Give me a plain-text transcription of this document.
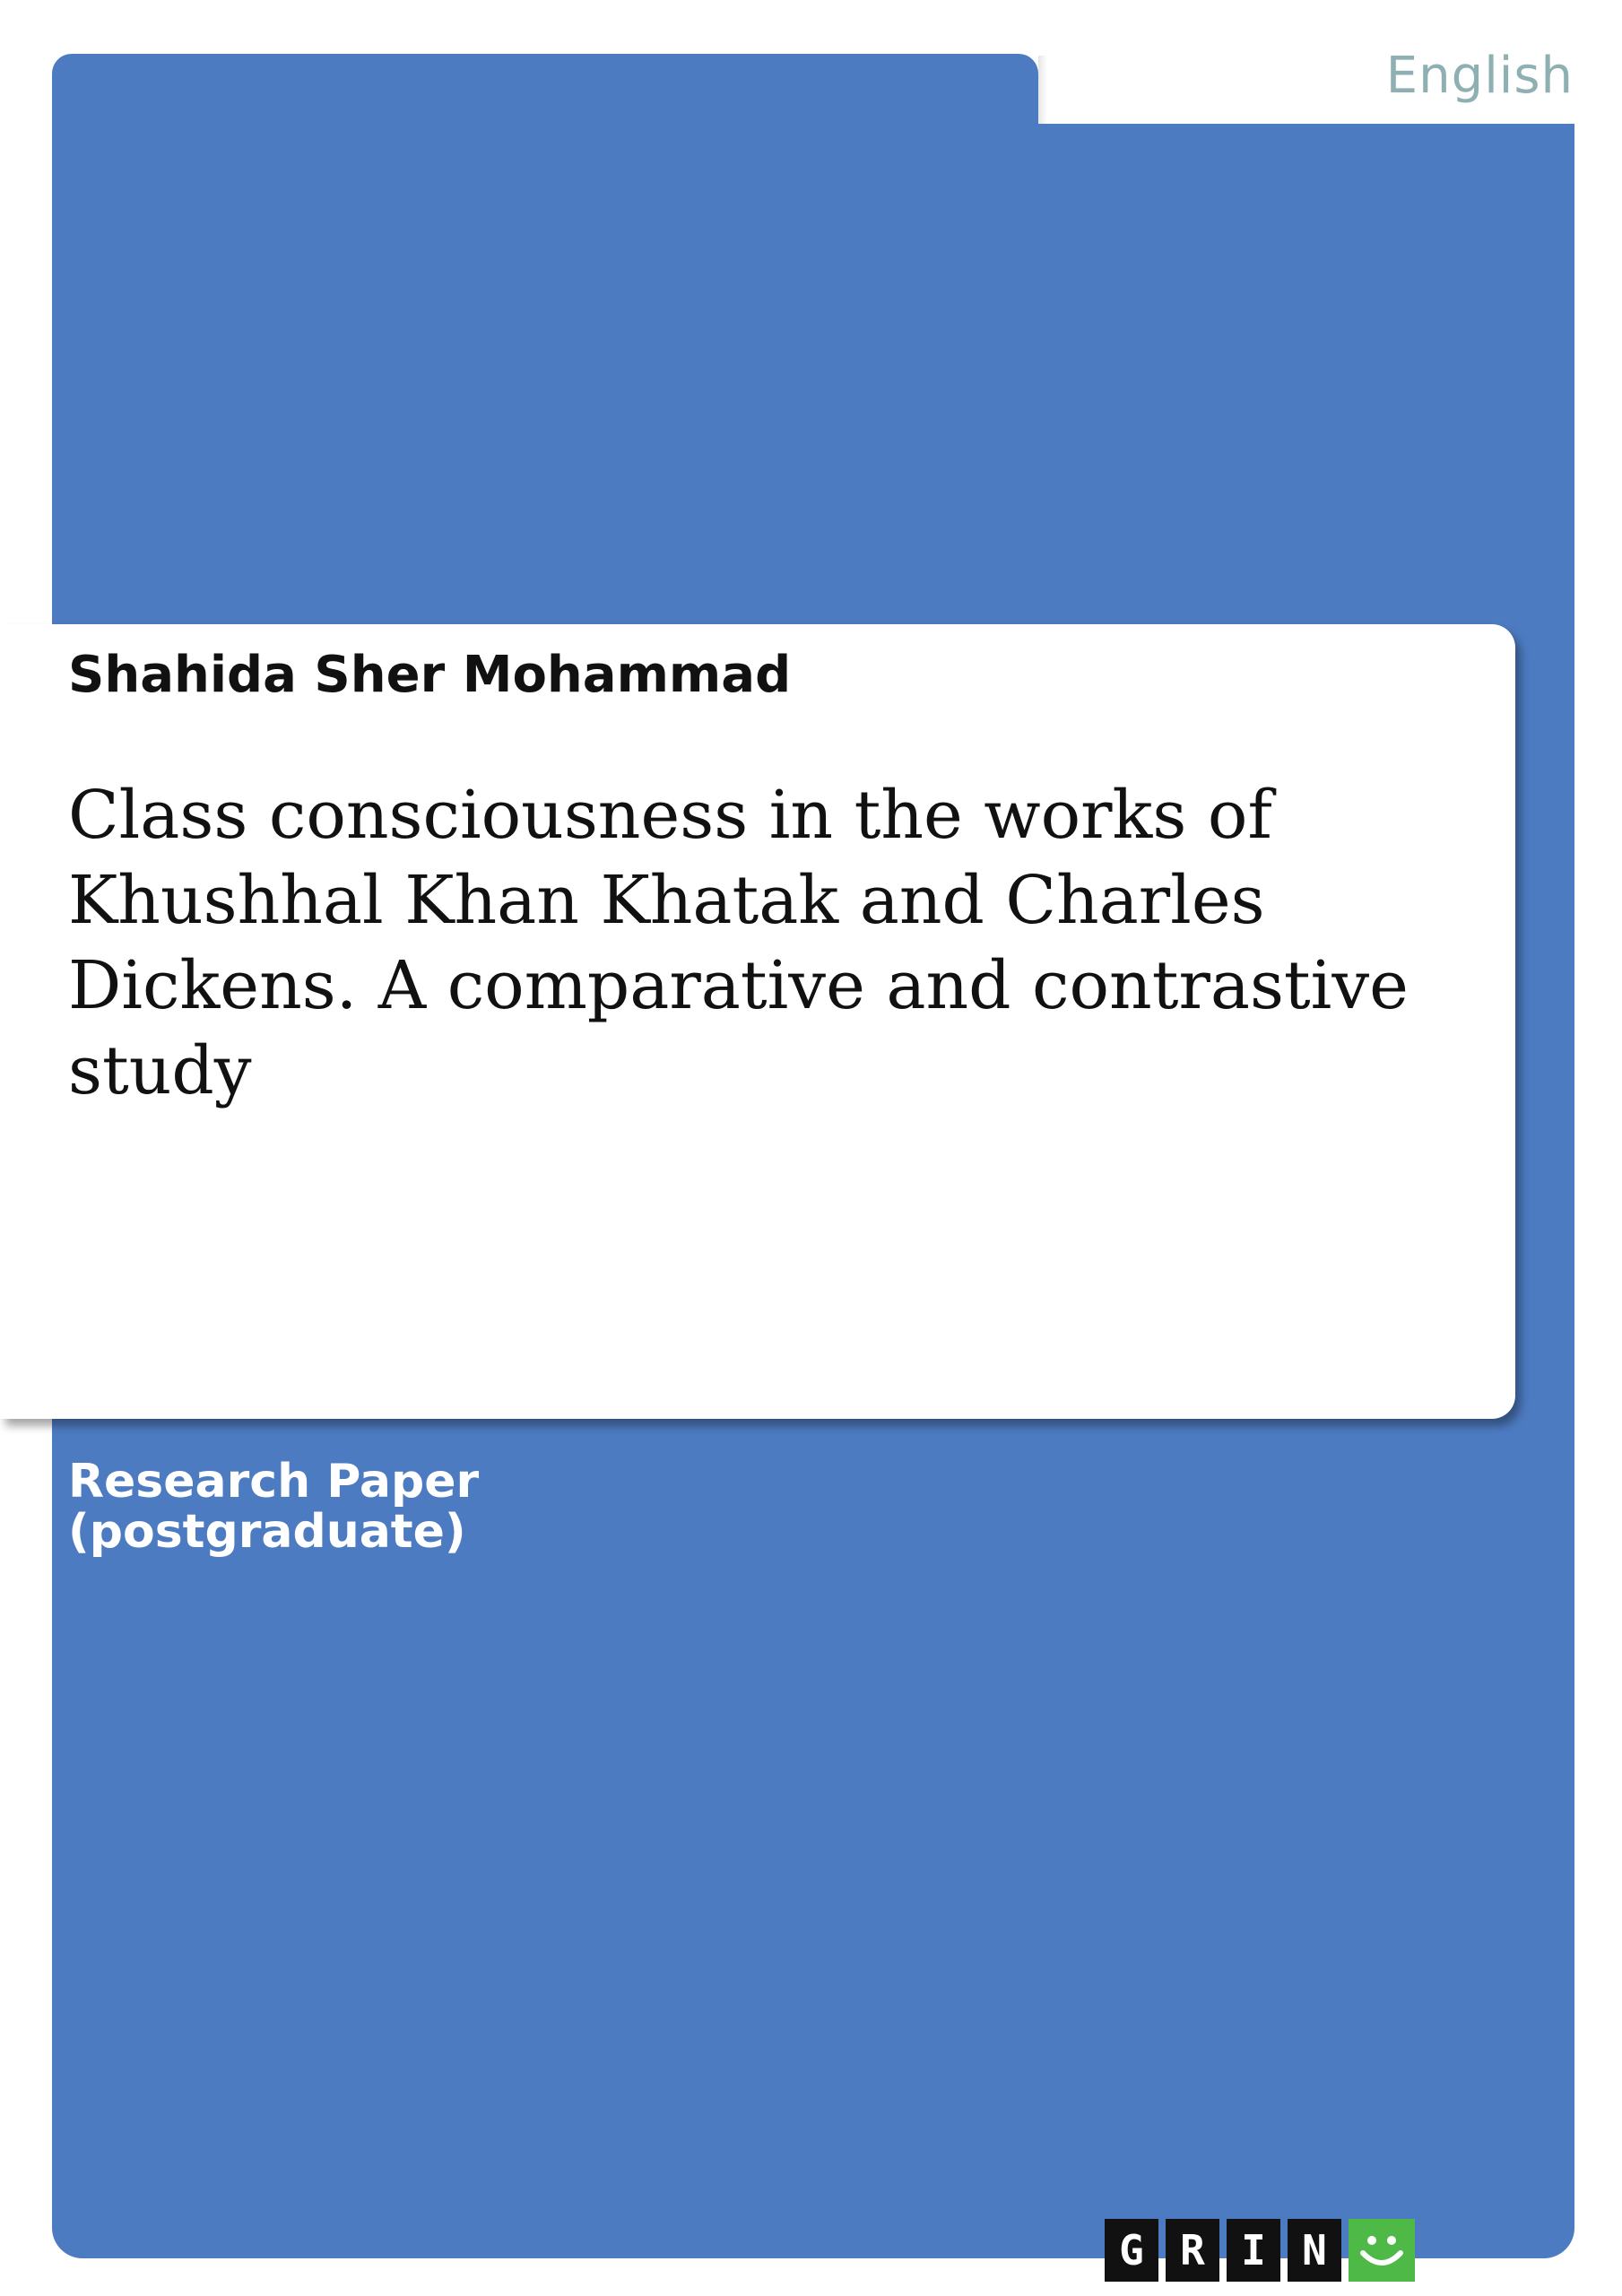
English
Shahida Sher Mohammad
Class consciousness in the works of
Khushhal Khan Khatak and Charles
Dickens. A comparative and contrastive
study
Research Paper
(postgraduate)
G R I N
